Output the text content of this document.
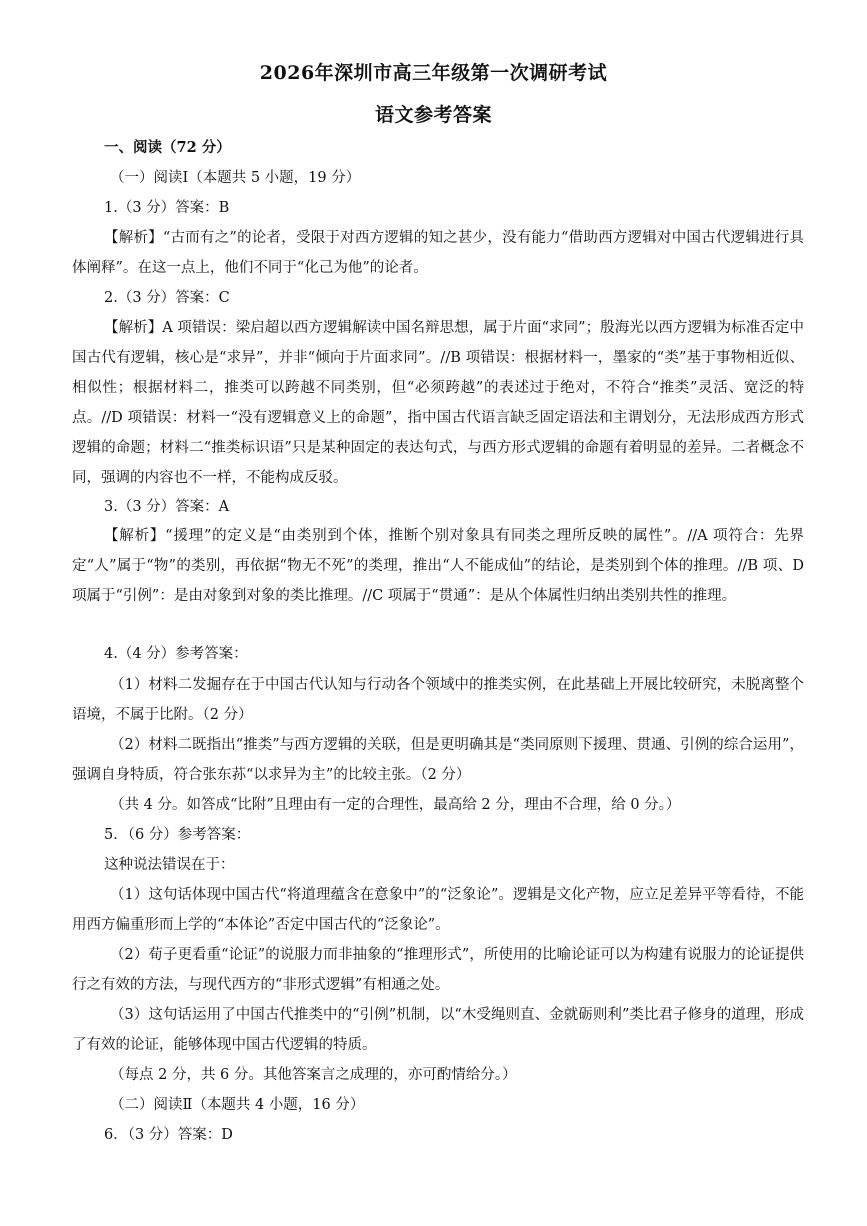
2026年深圳市高三年级第一次调研考试
语文参考答案
一、阅读（72 分）
（一）阅读Ⅰ（本题共 5 小题，19 分）
1.（3 分）答案：B
【解析】“古而有之”的论者，受限于对西方逻辑的知之甚少，没有能力“借助西方逻辑对中国古代逻辑进行具体阐释”。在这一点上，他们不同于“化己为他”的论者。
2.（3 分）答案：C
【解析】A 项错误：梁启超以西方逻辑解读中国名辩思想，属于片面“求同”；殷海光以西方逻辑为标准否定中国古代有逻辑，核心是“求异”，并非“倾向于片面求同”。//B 项错误：根据材料一，墨家的“类”基于事物相近似、相似性；根据材料二，推类可以跨越不同类别，但“必须跨越”的表述过于绝对，不符合“推类”灵活、宽泛的特点。//D 项错误：材料一“没有逻辑意义上的命题”，指中国古代语言缺乏固定语法和主谓划分，无法形成西方形式逻辑的命题；材料二“推类标识语”只是某种固定的表达句式，与西方形式逻辑的命题有着明显的差异。二者概念不同，强调的内容也不一样，不能构成反驳。
3.（3 分）答案：A
【解析】“援理”的定义是“由类别到个体，推断个别对象具有同类之理所反映的属性”。//A 项符合：先界定“人”属于“物”的类别，再依据“物无不死”的类理，推出“人不能成仙”的结论，是类别到个体的推理。//B 项、D 项属于“引例”：是由对象到对象的类比推理。//C 项属于“贯通”：是从个体属性归纳出类别共性的推理。
4.（4 分）参考答案：
（1）材料二发掘存在于中国古代认知与行动各个领域中的推类实例，在此基础上开展比较研究，未脱离整个语境，不属于比附。（2 分）
（2）材料二既指出“推类”与西方逻辑的关联，但是更明确其是“类同原则下援理、贯通、引例的综合运用”，强调自身特质，符合张东荪“以求异为主”的比较主张。（2 分）
（共 4 分。如答成“比附”且理由有一定的合理性，最高给 2 分，理由不合理，给 0 分。）
5．（6 分）参考答案：
这种说法错误在于：
（1）这句话体现中国古代“将道理蕴含在意象中”的“泛象论”。逻辑是文化产物，应立足差异平等看待，不能用西方偏重形而上学的“本体论”否定中国古代的“泛象论”。
（2）荀子更看重“论证”的说服力而非抽象的“推理形式”，所使用的比喻论证可以为构建有说服力的论证提供行之有效的方法，与现代西方的“非形式逻辑”有相通之处。
（3）这句话运用了中国古代推类中的“引例”机制，以“木受绳则直、金就砺则利”类比君子修身的道理，形成了有效的论证，能够体现中国古代逻辑的特质。
（每点 2 分，共 6 分。其他答案言之成理的，亦可酌情给分。）
（二）阅读Ⅱ（本题共 4 小题，16 分）
6．（3 分）答案：D
